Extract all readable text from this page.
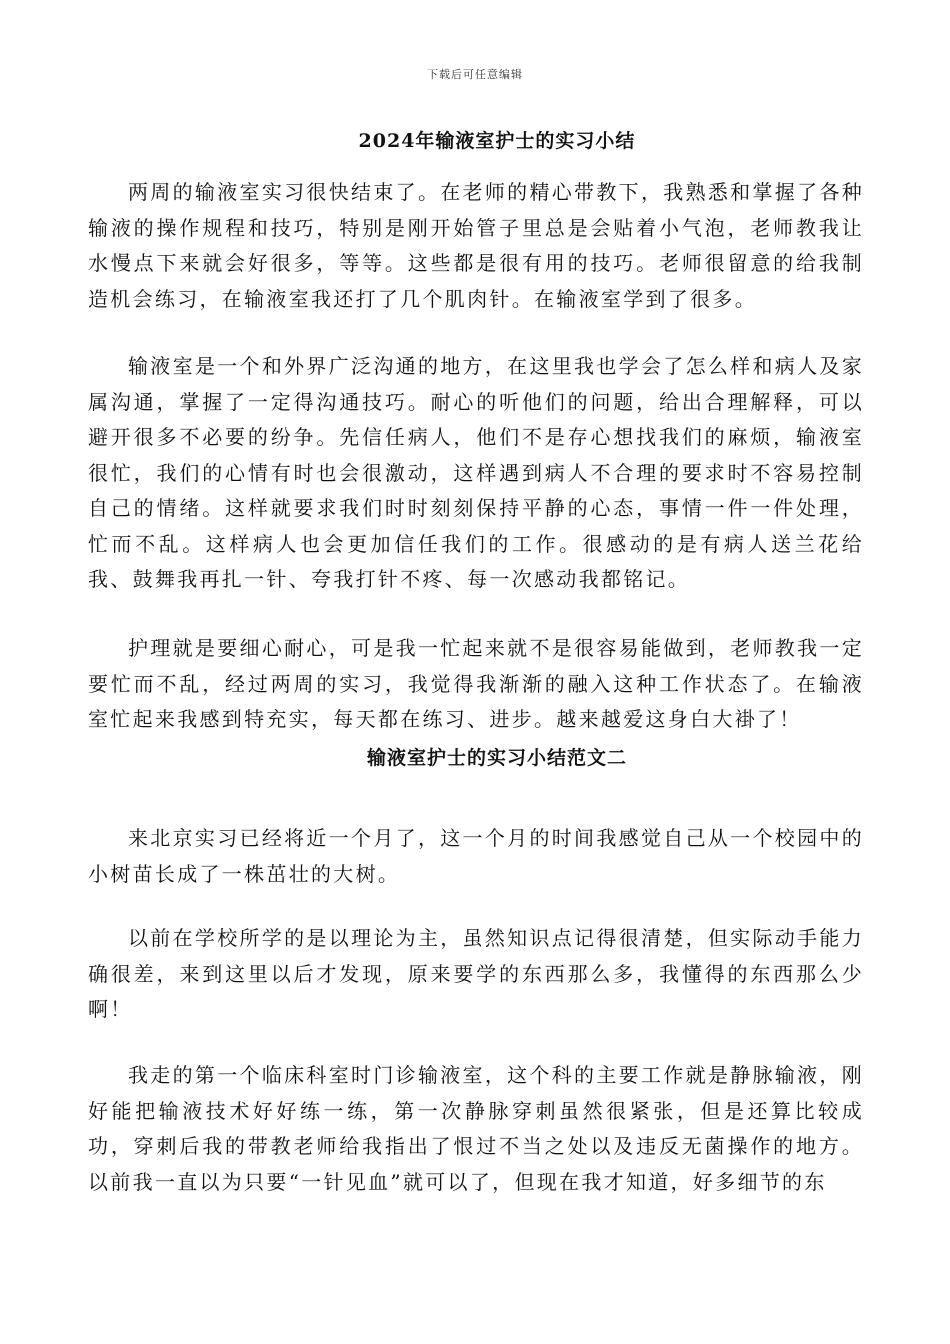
下载后可任意编辑
2024年输液室护士的实习小结

两周的输液室实习很快结束了。在老师的精心带教下，我熟悉和掌握了各种输液的操作规程和技巧，特别是刚开始管子里总是会贴着小气泡，老师教我让水慢点下来就会好很多，等等。这些都是很有用的技巧。老师很留意的给我制造机会练习，在输液室我还打了几个肌肉针。在输液室学到了很多。

输液室是一个和外界广泛沟通的地方，在这里我也学会了怎么样和病人及家属沟通，掌握了一定得沟通技巧。耐心的听他们的问题，给出合理解释，可以避开很多不必要的纷争。先信任病人，他们不是存心想找我们的麻烦，输液室很忙，我们的心情有时也会很激动，这样遇到病人不合理的要求时不容易控制自己的情绪。这样就要求我们时时刻刻保持平静的心态，事情一件一件处理，忙而不乱。这样病人也会更加信任我们的工作。很感动的是有病人送兰花给我、鼓舞我再扎一针、夸我打针不疼、每一次感动我都铭记。

护理就是要细心耐心，可是我一忙起来就不是很容易能做到，老师教我一定要忙而不乱，经过两周的实习，我觉得我渐渐的融入这种工作状态了。在输液室忙起来我感到特充实，每天都在练习、进步。越来越爱这身白大褂了！

输液室护士的实习小结范文二

来北京实习已经将近一个月了，这一个月的时间我感觉自己从一个校园中的小树苗长成了一株茁壮的大树。

以前在学校所学的是以理论为主，虽然知识点记得很清楚，但实际动手能力确很差，来到这里以后才发现，原来要学的东西那么多，我懂得的东西那么少啊！

我走的第一个临床科室时门诊输液室，这个科的主要工作就是静脉输液，刚好能把输液技术好好练一练，第一次静脉穿刺虽然很紧张，但是还算比较成功，穿刺后我的带教老师给我指出了恨过不当之处以及违反无菌操作的地方。以前我一直以为只要“一针见血”就可以了，但现在我才知道，好多细节的东
